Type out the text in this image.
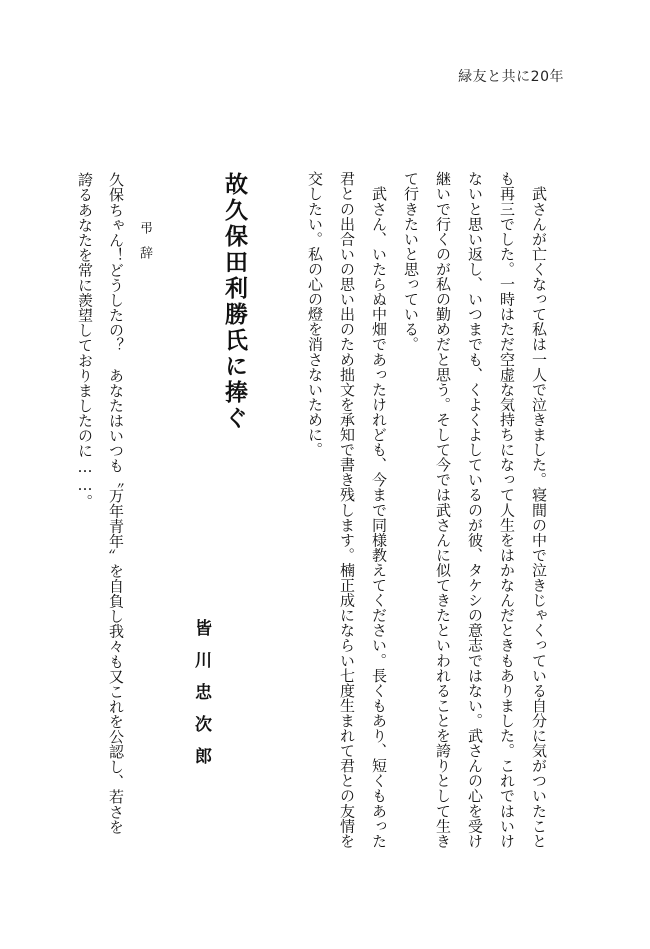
緑友と共に20年
　武さんが亡くなって私は一人で泣きました。寝間の中で泣きじゃくっている自分に気がついたこと
も再三でした。一時はただ空虚な気持ちになって人生をはかなんだときもありました。これではいけ
ないと思い返し、いつまでも、くよくよしているのが彼、タケシの意志ではない。武さんの心を受け
継いで行くのが私の勤めだと思う。そして今では武さんに似てきたといわれることを誇りとして生き
て行きたいと思っている。
　武さん、いたらぬ中畑であったけれども、今まで同様教えてください。長くもあり、短くもあった
君との出合いの思い出のため拙文を承知で書き残します。楠正成にならい七度生まれて君との友情を
交したい。私の心の燈を消さないために。
故久保田利勝氏に捧ぐ
皆川忠次郎
弔辞
久保ちゃん！どうしたの？　あなたはいつも〝万年青年〟を自負し我々も又これを公認し、若さを
誇るあなたを常に羨望しておりましたのに……。
